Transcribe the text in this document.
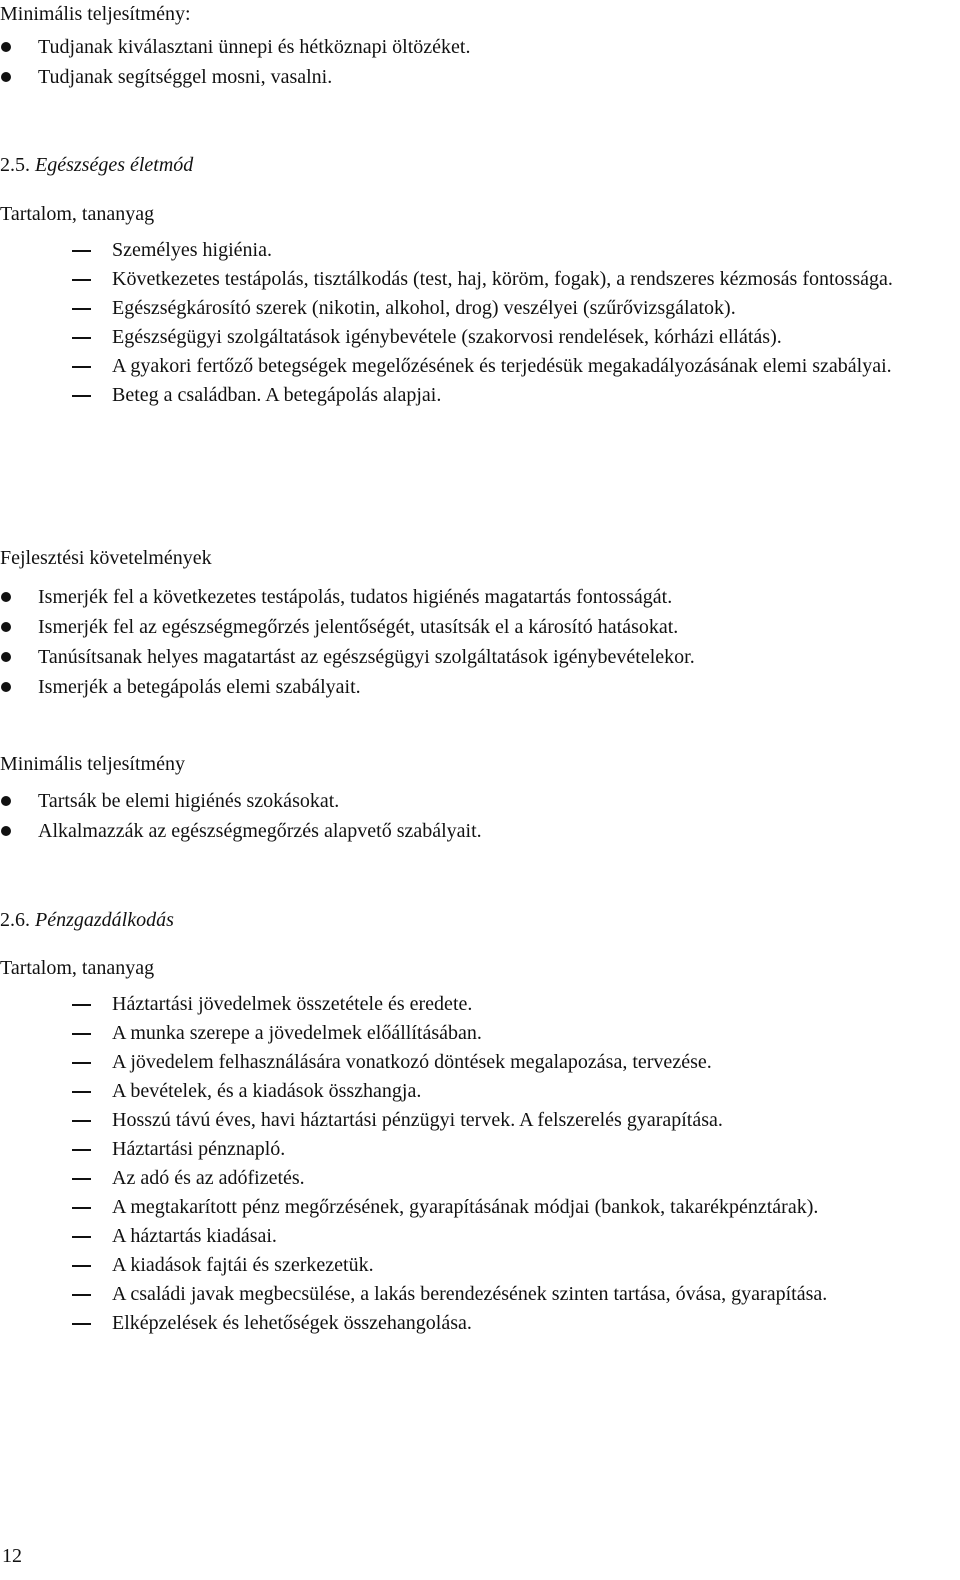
Minimális teljesítmény:
Tudjanak kiválasztani ünnepi és hétköznapi öltözéket.
Tudjanak segítséggel mosni, vasalni.
2.5. Egészséges életmód
Tartalom, tananyag
Személyes higiénia.
Következetes testápolás, tisztálkodás (test, haj, köröm, fogak), a rendszeres kézmosás fontossága.
Egészségkárosító szerek (nikotin, alkohol, drog) veszélyei (szűrővizsgálatok).
Egészségügyi szolgáltatások igénybevétele (szakorvosi rendelések, kórházi ellátás).
A gyakori fertőző betegségek megelőzésének és terjedésük megakadályozásának elemi szabályai.
Beteg a családban. A betegápolás alapjai.
Fejlesztési követelmények
Ismerjék fel a következetes testápolás, tudatos higiénés magatartás fontosságát.
Ismerjék fel az egészségmegőrzés jelentőségét, utasítsák el a károsító hatásokat.
Tanúsítsanak helyes magatartást az egészségügyi szolgáltatások igénybevételekor.
Ismerjék a betegápolás elemi szabályait.
Minimális teljesítmény
Tartsák be elemi higiénés szokásokat.
Alkalmazzák az egészségmegőrzés alapvető szabályait.
2.6. Pénzgazdálkodás
Tartalom, tananyag
Háztartási jövedelmek összetétele és eredete.
A munka szerepe a jövedelmek előállításában.
A jövedelem felhasználására vonatkozó döntések megalapozása, tervezése.
A bevételek, és a kiadások összhangja.
Hosszú távú éves, havi háztartási pénzügyi tervek. A felszerelés gyarapítása.
Háztartási pénznapló.
Az adó és az adófizetés.
A megtakarított pénz megőrzésének, gyarapításának módjai (bankok, takarékpénztárak).
A háztartás kiadásai.
A kiadások fajtái és szerkezetük.
A családi javak megbecsülése, a lakás berendezésének szinten tartása, óvása, gyarapítása.
Elképzelések és lehetőségek összehangolása.
12
